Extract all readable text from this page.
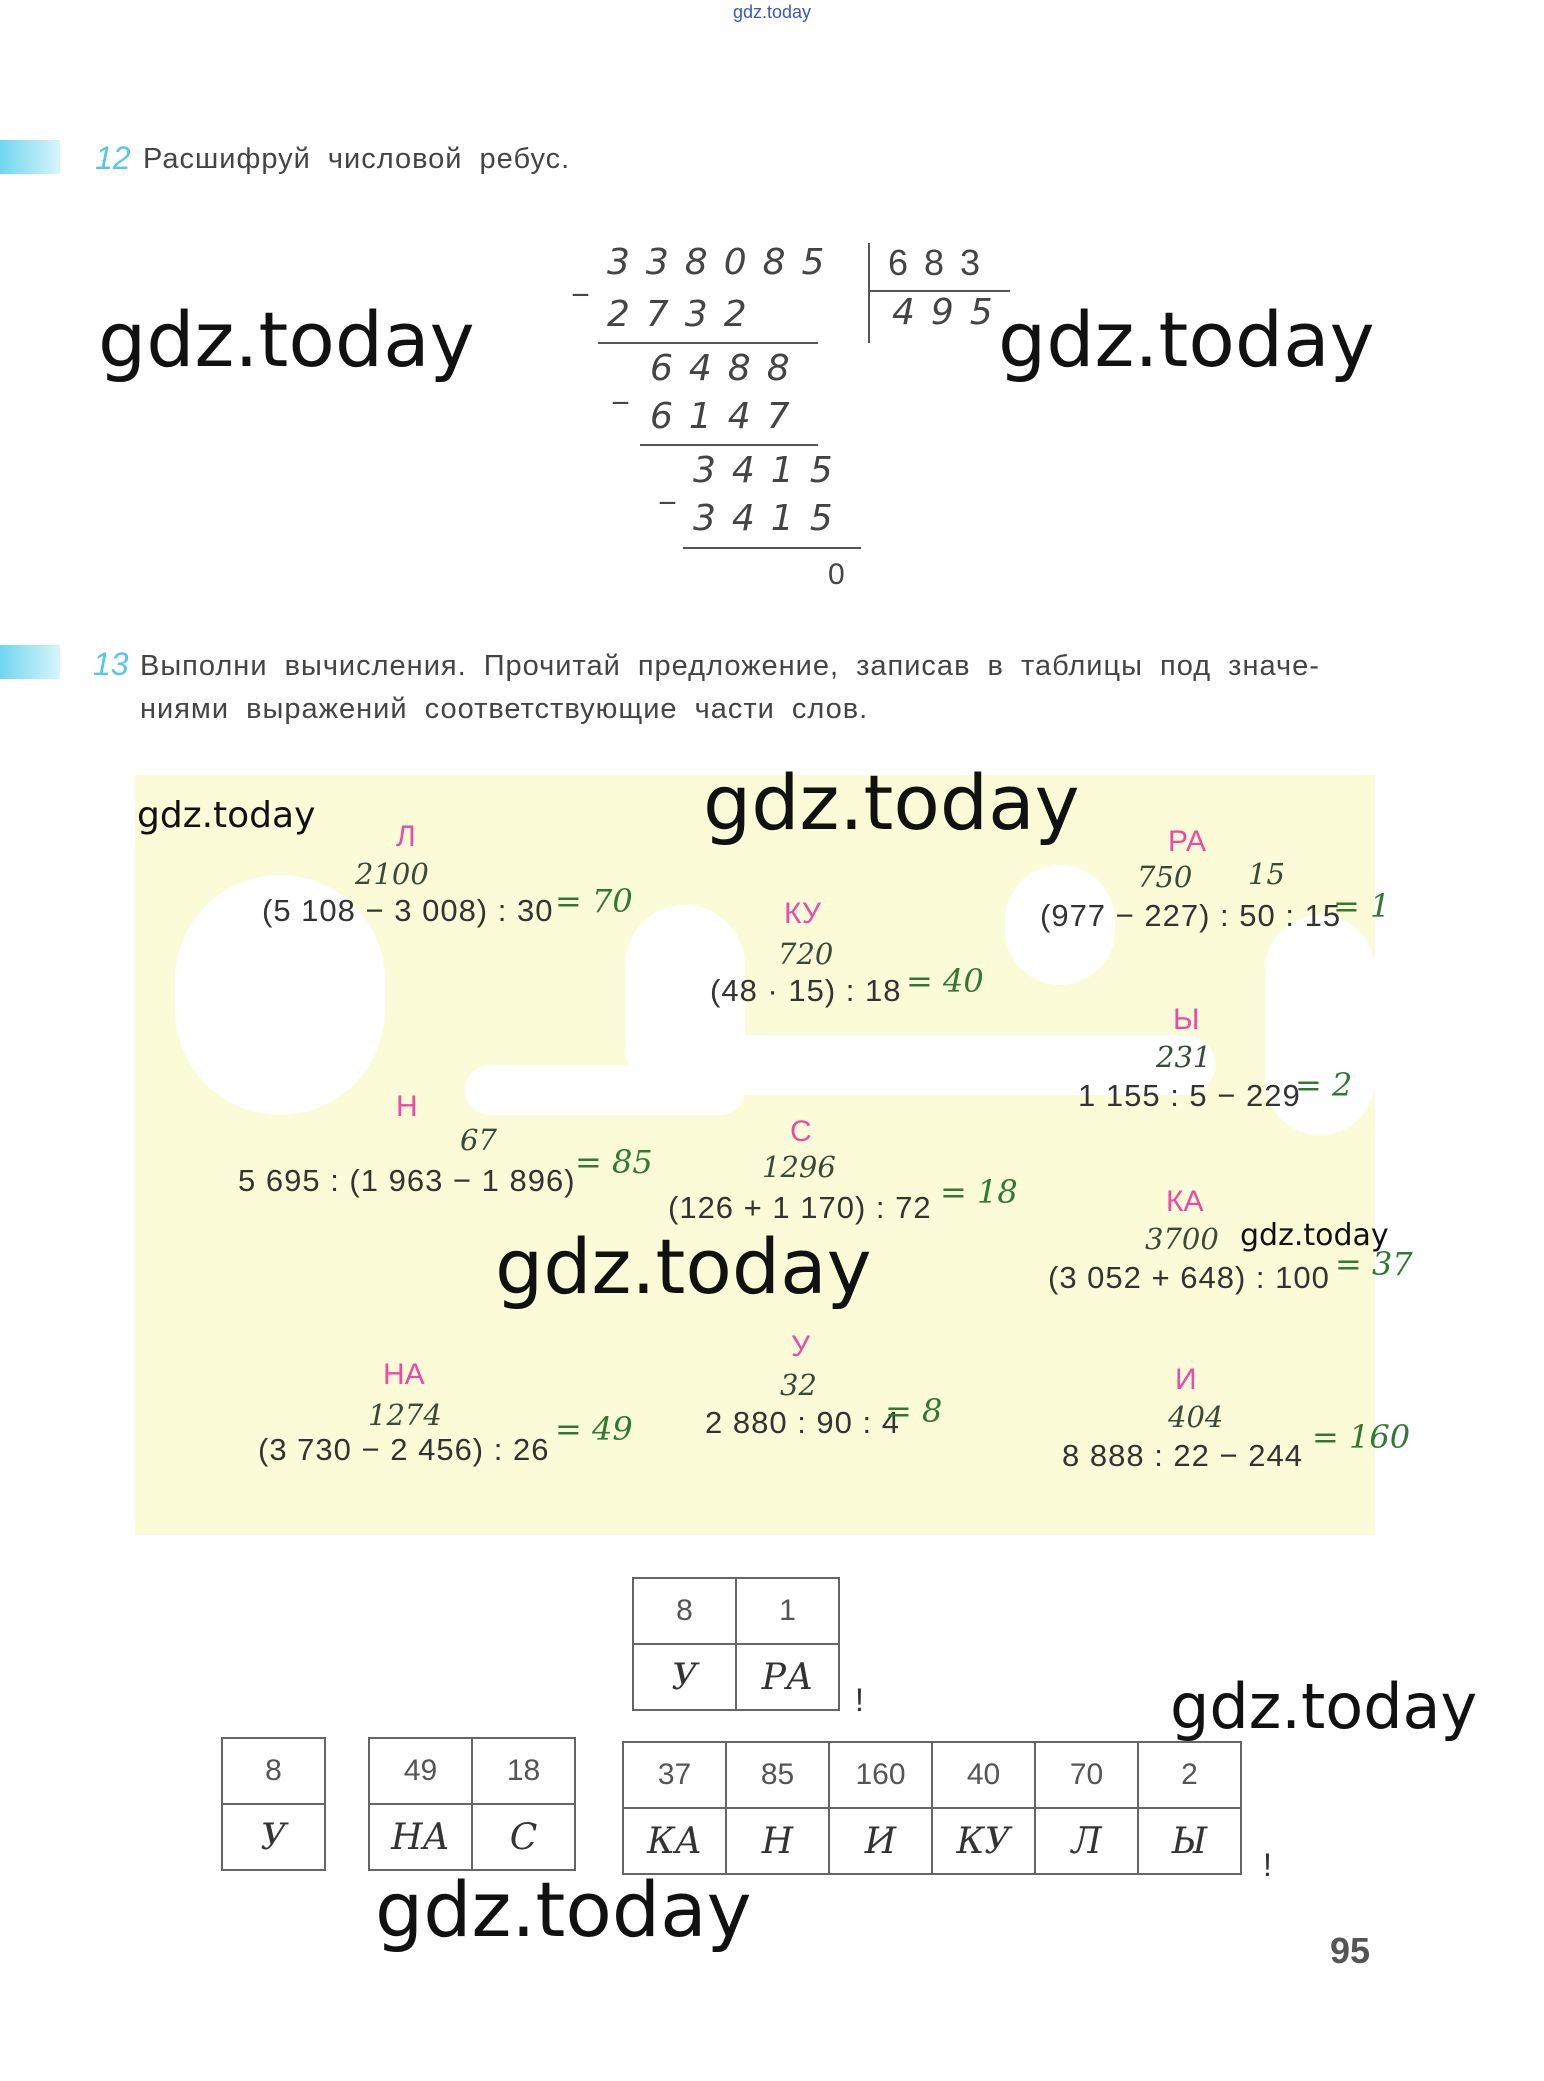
gdz.today
12 Расшифруй числовой ребус.
_ 338085 683
495
2732
_ 6488
6147
_ 3415
3415
0
13 Выполни вычисления. Прочитай предложение, записав в таблицы под значе-
ниями выражений соответствующие части слов.
Л
2100
(5 108 − 3 008) : 30 = 70	КУ
720
(48 · 15) : 18 = 40
РА
750 15
(977 − 227) : 50 : 15
= 1
Ы
231
1 155 : 5 − 229
= 2
Н
67
5 695 : (1 963 − 1 896) = 85
С
1296
(126 + 1 170) : 72 = 18	КА
3700
(3 052 + 648) : 100 = 37
НА
1274
(3 730 − 2 456) : 26
= 49
У
32
2 880 : 90 : 4
= 8
И
404
8 888 : 22 − 244 = 160
8	1
У	РА
!
8
У
49	18
НА	С
37	85	160	40	70	2
КА	Н	И	КУ	Л	Ы
!
95
gdz.today	gdz.today
gdz.today	gdz.today
gdz.today	gdz.today
gdz.today
gdz.today
